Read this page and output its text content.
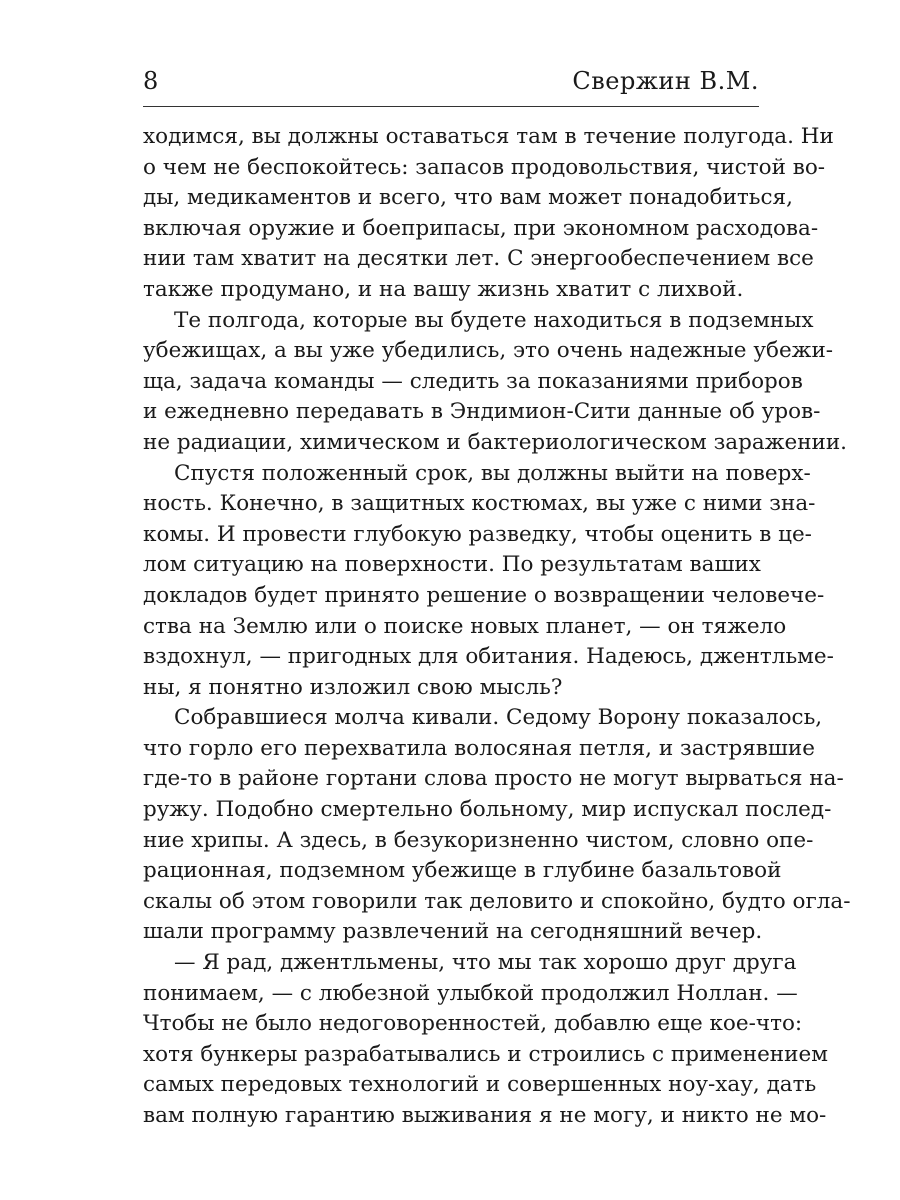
8	Свержин В.М.
ходимся, вы должны оставаться там в течение полугода. Ни
о чем не беспокойтесь: запасов продовольствия, чистой во-
ды, медикаментов и всего, что вам может понадобиться,
включая оружие и боеприпасы, при экономном расходова-
нии там хватит на десятки лет. С энергообеспечением все
также продумано, и на вашу жизнь хватит с лихвой.
Те полгода, которые вы будете находиться в подземных
убежищах, а вы уже убедились, это очень надежные убежи-
ща, задача команды — следить за показаниями приборов
и ежедневно передавать в Эндимион-Сити данные об уров-
не радиации, химическом и бактериологическом заражении.
Спустя положенный срок, вы должны выйти на поверх-
ность. Конечно, в защитных костюмах, вы уже с ними зна-
комы. И провести глубокую разведку, чтобы оценить в це-
лом ситуацию на поверхности. По результатам ваших
докладов будет принято решение о возвращении человече-
ства на Землю или о поиске новых планет, — он тяжело
вздохнул, — пригодных для обитания. Надеюсь, джентльме-
ны, я понятно изложил свою мысль?
Собравшиеся молча кивали. Седому Ворону показалось,
что горло его перехватила волосяная петля, и застрявшие
где-то в районе гортани слова просто не могут вырваться на-
ружу. Подобно смертельно больному, мир испускал послед-
ние хрипы. А здесь, в безукоризненно чистом, словно опе-
рационная, подземном убежище в глубине базальтовой
скалы об этом говорили так деловито и спокойно, будто огла-
шали программу развлечений на сегодняшний вечер.
— Я рад, джентльмены, что мы так хорошо друг друга
понимаем, — с любезной улыбкой продолжил Ноллан. —
Чтобы не было недоговоренностей, добавлю еще кое-что:
хотя бункеры разрабатывались и строились с применением
самых передовых технологий и совершенных ноу-хау, дать
вам полную гарантию выживания я не могу, и никто не мо-
